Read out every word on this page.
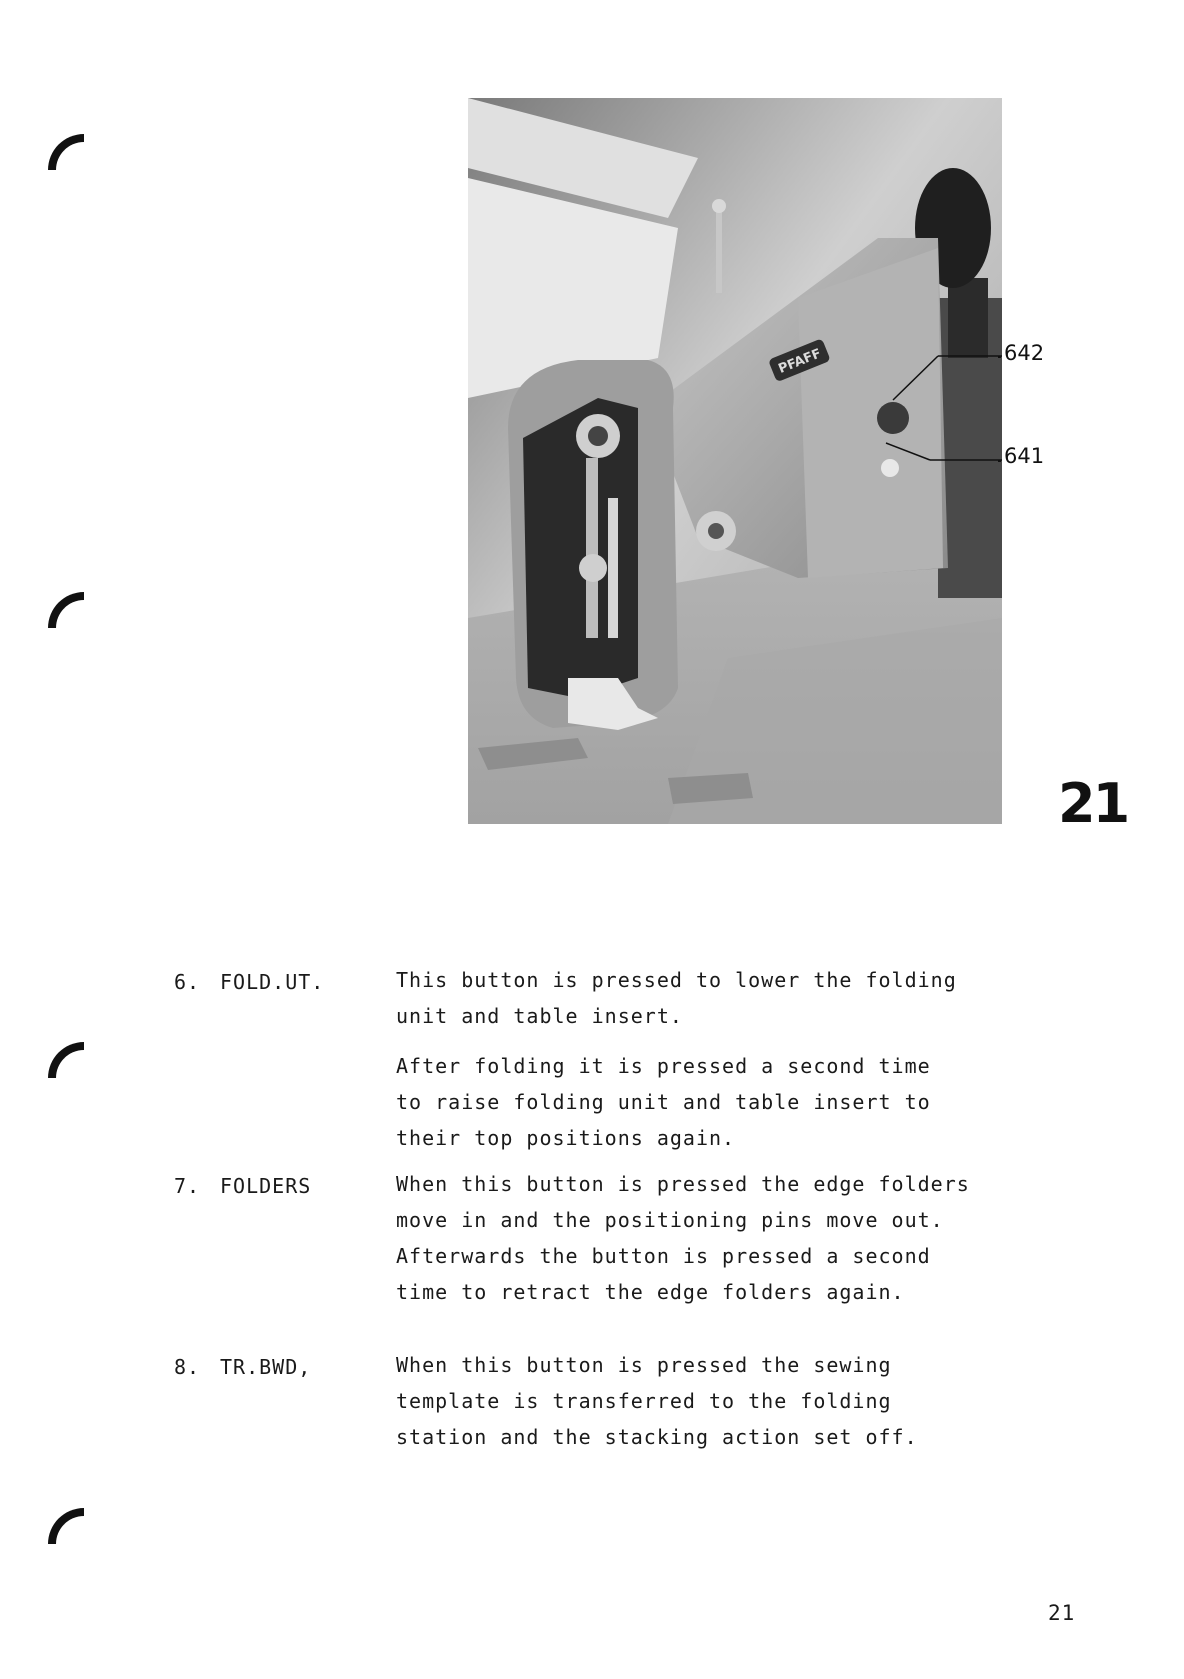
PFAFF	642
641
21
6. FOLD.UT.	This button is pressed to lower the folding
unit and table insert.

After folding it is pressed a second time
to raise folding unit and table insert to
their top positions again.

7. FOLDERS	When this button is pressed the edge folders
move in and the positioning pins move out.
Afterwards the button is pressed a second
time to retract the edge folders again.

8. TR.BWD,	When this button is pressed the sewing
template is transferred to the folding
station and the stacking action set off.

21
